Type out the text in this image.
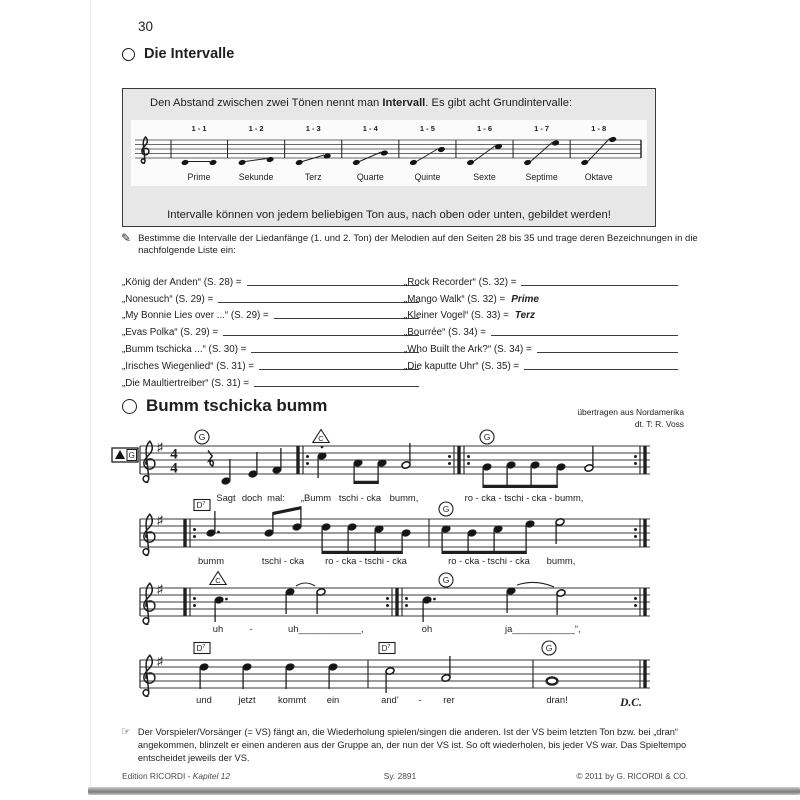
30
Die Intervalle
Den Abstand zwischen zwei Tönen nennt man Intervall. Es gibt acht Grundintervalle:
1 - 1
Prime
1 - 2
Sekunde
1 - 3
Terz
1 - 4
Quarte
1 - 5
Quinte
1 - 6
Sexte
1 - 7
Septime
1 - 8
Oktave
Intervalle können von jedem beliebigen Ton aus, nach oben oder unten, gebildet werden!
✎ Bestimme die Intervalle der Liedanfänge (1. und 2. Ton) der Melodien auf den Seiten 28 bis 35 und trage deren Bezeichnungen in die nachfolgende Liste ein:
„König der Anden“ (S. 28) =
„Nonesuch“ (S. 29) =
„My Bonnie Lies over ...“ (S. 29) =
„Evas Polka“ (S. 29) =
„Bumm tschicka ...“ (S. 30) =
„Irisches Wiegenlied“ (S. 31) =
„Die Maultiertreiber“ (S. 31) =
„Rock Recorder“ (S. 32) =
„Mango Walk“ (S. 32) = Prime
„Kleiner Vogel“ (S. 33) = Terz
„Bourrée“ (S. 34) =
„Who Built the Ark?“ (S. 34) =
„Die kaputte Uhr“ (S. 35) =
Bumm tschicka bumm	übertragen aus Nordamerika
dt. T: R. Voss
♯ 4
4
G
G	C	G
Sagt doch mal: „Bumm tschi - cka bumm,	ro - cka - tschi - cka - bumm,
♯
$D^7$	G
bumm	tschi - cka ro - cka - tschi - cka	ro - cka - tschi - cka bumm,
♯
C	G
uh	-	uh____________,	oh	ja____________“,
♯
$D^7$	$D^7$	G
und	jetzt kommt ein	and’ - rer	dran!	D.C.
☞ Der Vorspieler/Vorsänger (= VS) fängt an, die Wiederholung spielen/singen die anderen. Ist der VS beim letzten Ton bzw. bei „dran“ angekommen, blinzelt er einen anderen aus der Gruppe an, der nun der VS ist. So oft wiederholen, bis jeder VS war. Das Spieltempo entscheidet jeweils der VS.
Edition RICORDI - Kapitel 12	Sy. 2891	© 2011 by G. RICORDI & CO.
